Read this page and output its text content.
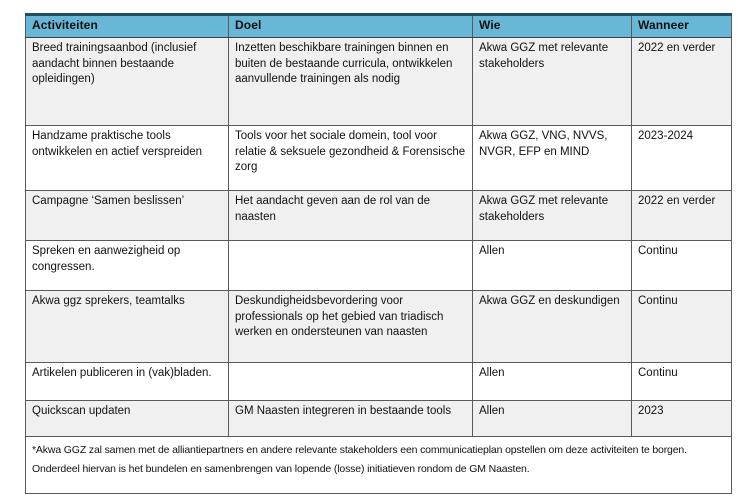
Activiteiten	Doel	Wie	Wanneer
Breed trainingsaanbod (inclusief aandacht binnen bestaande opleidingen)	Inzetten beschikbare trainingen binnen en buiten de bestaande curricula, ontwikkelen aanvullende trainingen als nodig	Akwa GGZ met relevante stakeholders	2022 en verder
Handzame praktische tools ontwikkelen en actief verspreiden	Tools voor het sociale domein, tool voor relatie & seksuele gezondheid & Forensische zorg	Akwa GGZ, VNG, NVVS, NVGR, EFP en MIND	2023-2024
Campagne ‘Samen beslissen’	Het aandacht geven aan de rol van de naasten	Akwa GGZ met relevante stakeholders	2022 en verder
Spreken en aanwezigheid op congressen.		Allen	Continu
Akwa ggz sprekers, teamtalks	Deskundigheidsbevordering voor professionals op het gebied van triadisch werken en ondersteunen van naasten	Akwa GGZ en deskundigen	Continu
Artikelen publiceren in (vak)bladen.		Allen	Continu
Quickscan updaten	GM Naasten integreren in bestaande tools	Allen	2023

*Akwa GGZ zal samen met de alliantiepartners en andere relevante stakeholders een communicatieplan opstellen om deze activiteiten te borgen.
Onderdeel hiervan is het bundelen en samenbrengen van lopende (losse) initiatieven rondom de GM Naasten.			
